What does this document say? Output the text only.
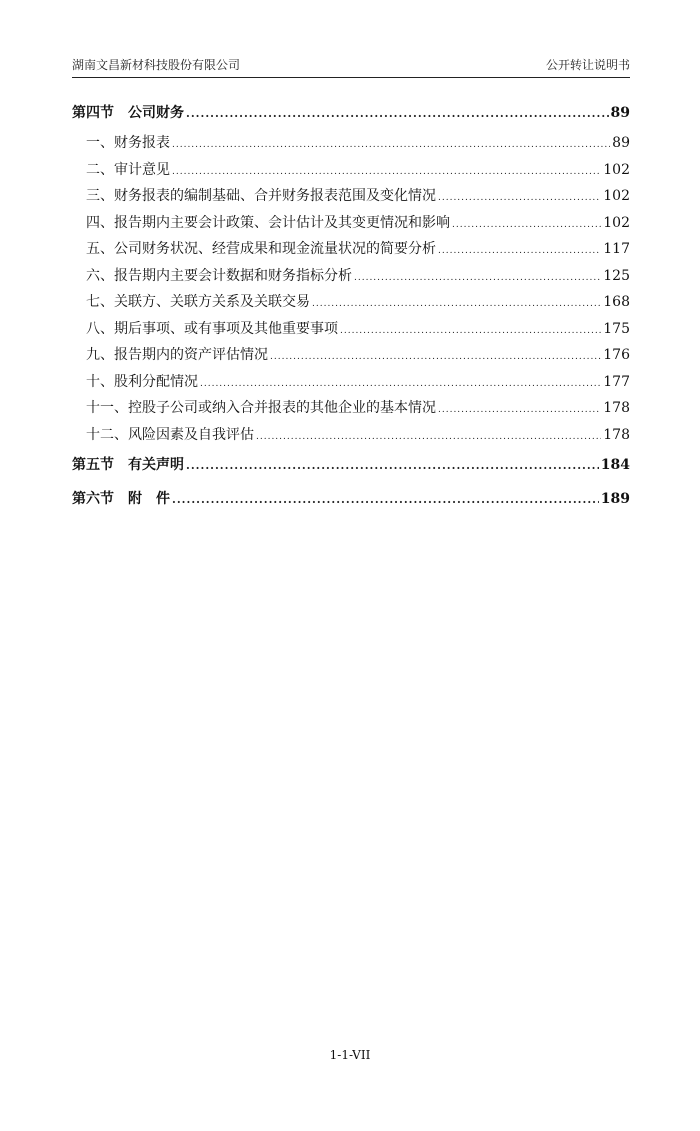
湖南文昌新材科技股份有限公司	公开转让说明书
第四节　公司财务 .....	89
一、财务报表 .....	89
二、审计意见 .....	102
三、财务报表的编制基础、合并财务报表范围及变化情况 .....	102
四、报告期内主要会计政策、会计估计及其变更情况和影响 .....	102
五、公司财务状况、经营成果和现金流量状况的简要分析 .....	117
六、报告期内主要会计数据和财务指标分析 .....	125
七、关联方、关联方关系及关联交易 .....	168
八、期后事项、或有事项及其他重要事项 .....	175
九、报告期内的资产评估情况 .....	176
十、股利分配情况 .....	177
十一、控股子公司或纳入合并报表的其他企业的基本情况 .....	178
十二、风险因素及自我评估 .....	178
第五节　有关声明 .....	184
第六节　附　件 .....	189
1-1-VII
